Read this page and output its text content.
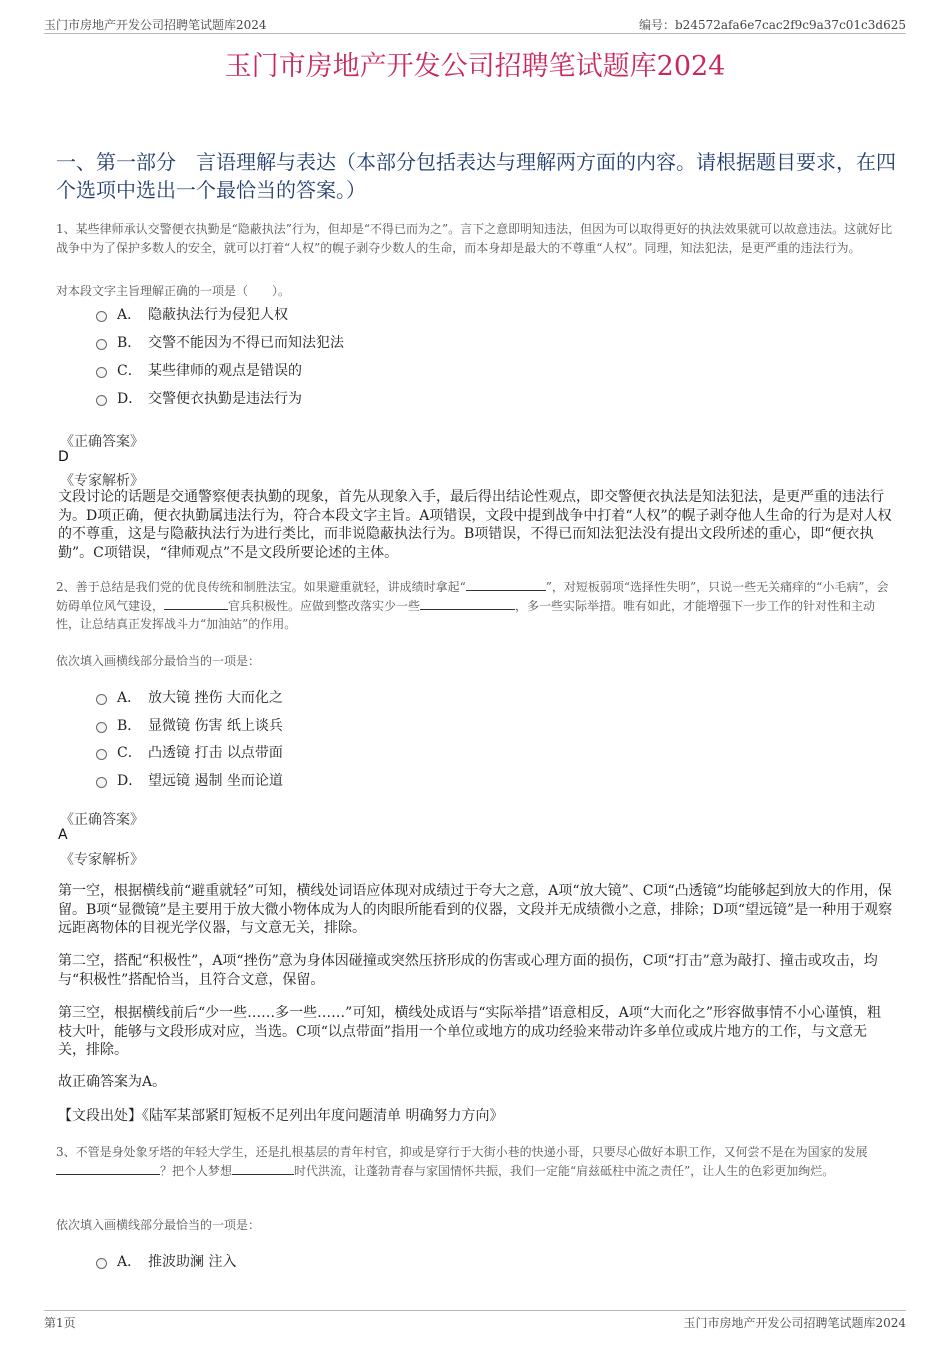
玉门市房地产开发公司招聘笔试题库2024	编号：b24572afa6e7cac2f9c9a37c01c3d625
玉门市房地产开发公司招聘笔试题库2024
一、第一部分　言语理解与表达（本部分包括表达与理解两方面的内容。请根据题目要求，在四个选项中选出一个最恰当的答案。）
1、某些律师承认交警便衣执勤是“隐蔽执法”行为，但却是“不得已而为之”。言下之意即明知违法，但因为可以取得更好的执法效果就可以故意违法。这就好比战争中为了保护多数人的安全，就可以打着“人权”的幌子剥夺少数人的生命，而本身却是最大的不尊重“人权”。同理，知法犯法，是更严重的违法行为。
对本段文字主旨理解正确的一项是（　　）。
A． 隐蔽执法行为侵犯人权
B． 交警不能因为不得已而知法犯法
C． 某些律师的观点是错误的
D． 交警便衣执勤是违法行为
《正确答案》
D
《专家解析》
文段讨论的话题是交通警察便表执勤的现象，首先从现象入手，最后得出结论性观点，即交警便衣执法是知法犯法，是更严重的违法行为。D项正确，便衣执勤属违法行为，符合本段文字主旨。A项错误，文段中提到战争中打着“人权”的幌子剥夺他人生命的行为是对人权的不尊重，这是与隐蔽执法行为进行类比，而非说隐蔽执法行为。B项错误，不得已而知法犯法没有提出文段所述的重心，即“便衣执勤”。C项错误，“律师观点”不是文段所要论述的主体。
2、善于总结是我们党的优良传统和制胜法宝。如果避重就轻，讲成绩时拿起“	”，对短板弱项“选择性失明”，只说一些无关痛痒的“小毛病”，会妨碍单位风气建设，	官兵积极性。应做到整改落实少一些	，多一些实际举措。唯有如此，才能增强下一步工作的针对性和主动性，让总结真正发挥战斗力“加油站”的作用。
依次填入画横线部分最恰当的一项是：
A． 放大镜 挫伤 大而化之
B． 显微镜 伤害 纸上谈兵
C． 凸透镜 打击 以点带面
D． 望远镜 遏制 坐而论道
《正确答案》
A
《专家解析》
第一空，根据横线前“避重就轻”可知，横线处词语应体现对成绩过于夸大之意，A项“放大镜”、C项“凸透镜”均能够起到放大的作用，保留。B项“显微镜”是主要用于放大微小物体成为人的肉眼所能看到的仪器，文段并无成绩微小之意，排除；D项“望远镜”是一种用于观察远距离物体的目视光学仪器，与文意无关，排除。
第二空，搭配“积极性”，A项“挫伤”意为身体因碰撞或突然压挤形成的伤害或心理方面的损伤，C项“打击”意为敲打、撞击或攻击，均与“积极性”搭配恰当，且符合文意，保留。
第三空，根据横线前后“少一些……多一些……”可知，横线处成语与“实际举措”语意相反，A项“大而化之”形容做事情不小心谨慎，粗枝大叶，能够与文段形成对应，当选。C项“以点带面”指用一个单位或地方的成功经验来带动许多单位或成片地方的工作，与文意无关，排除。
故正确答案为A。
【文段出处】《陆军某部紧盯短板不足列出年度问题清单 明确努力方向》
3、不管是身处象牙塔的年轻大学生，还是扎根基层的青年村官，抑或是穿行于大街小巷的快递小哥，只要尽心做好本职工作，又何尝不是在为国家的发展？把个人梦想	时代洪流，让蓬勃青春与家国情怀共振，我们一定能“肩兹砥柱中流之责任”，让人生的色彩更加绚烂。
依次填入画横线部分最恰当的一项是：
A． 推波助澜 注入
第1页	玉门市房地产开发公司招聘笔试题库2024
